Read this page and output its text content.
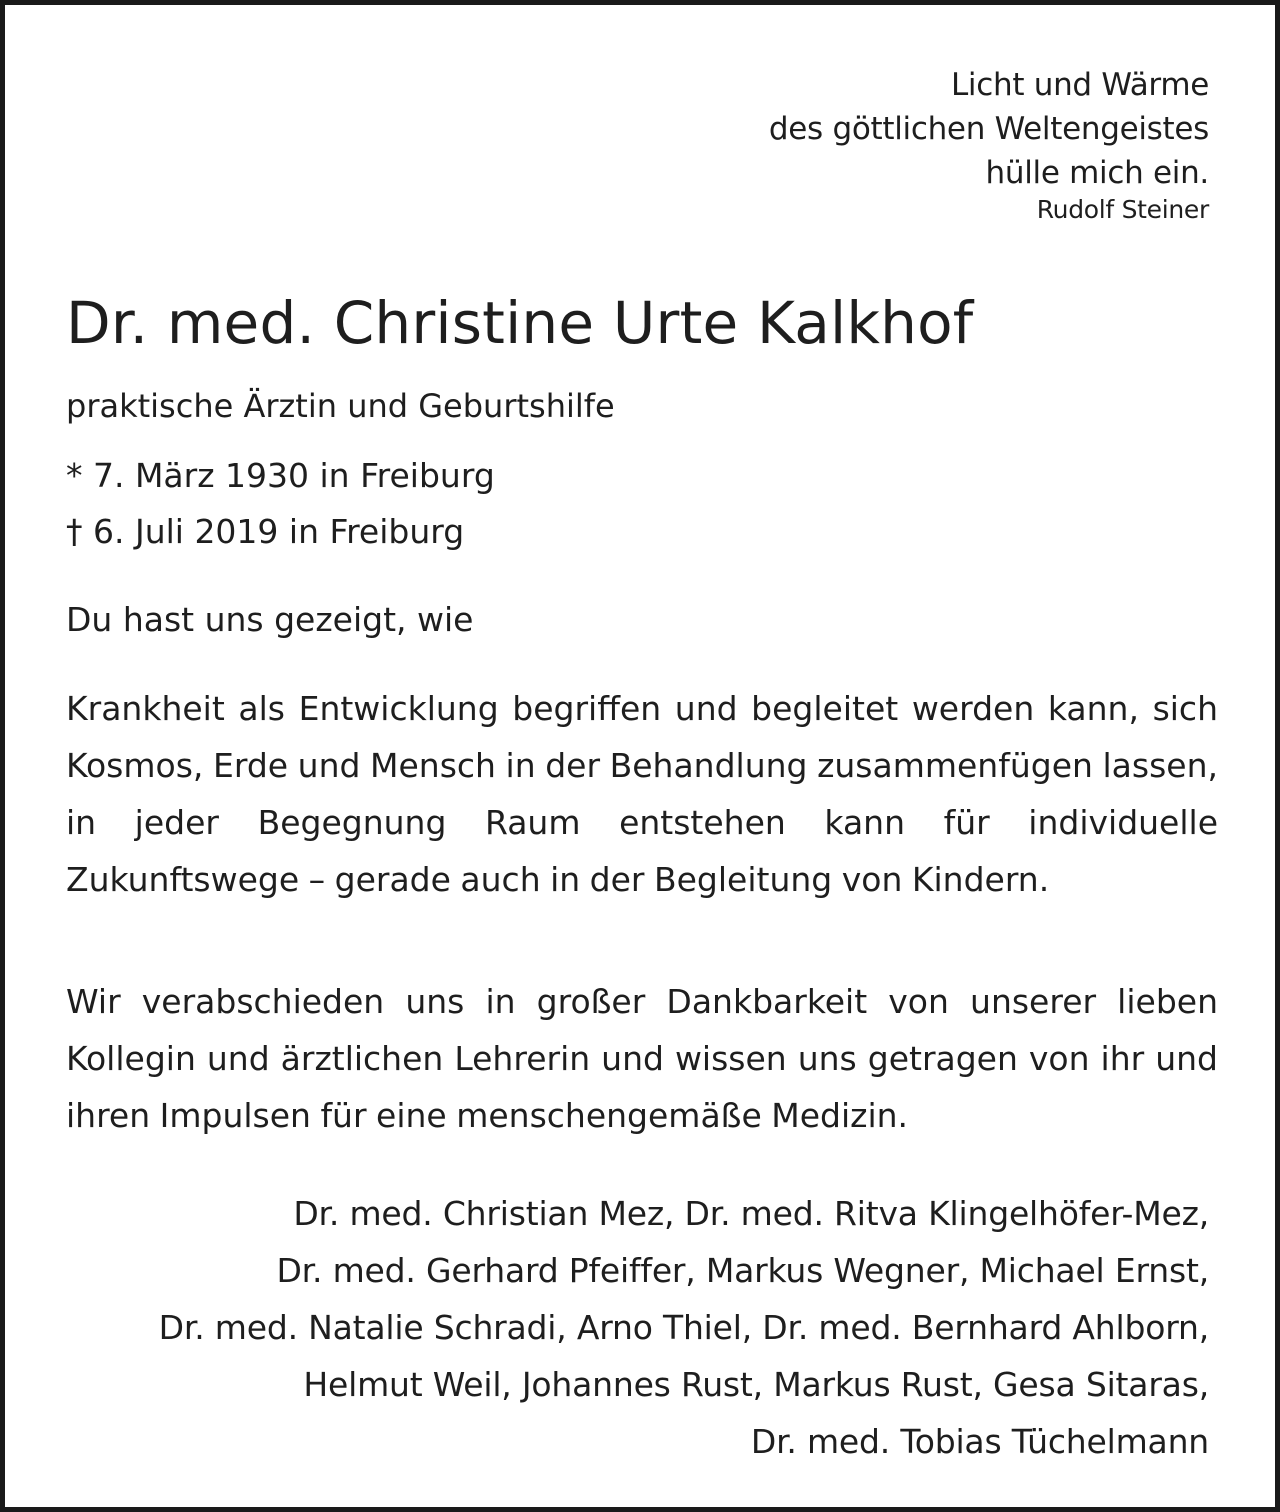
Licht und Wärme
des göttlichen Weltengeistes
hülle mich ein.
Rudolf Steiner
Dr. med. Christine Urte Kalkhof
praktische Ärztin und Geburtshilfe
* 7. März 1930 in Freiburg
† 6. Juli 2019 in Freiburg
Du hast uns gezeigt, wie

Krankheit als Entwicklung begriffen und begleitet werden kann, sich Kosmos, Erde und Mensch in der Behandlung zusammenfügen lassen, in jeder Begegnung Raum entstehen kann für individuelle Zukunftswege – gerade auch in der Begleitung von Kindern.

Wir verabschieden uns in großer Dankbarkeit von unserer lieben Kollegin und ärztlichen Lehrerin und wissen uns getragen von ihr und ihren Impulsen für eine menschengemäße Medizin.

Dr. med. Christian Mez, Dr. med. Ritva Klingelhöfer-Mez,
Dr. med. Gerhard Pfeiffer, Markus Wegner, Michael Ernst,
Dr. med. Natalie Schradi, Arno Thiel, Dr. med. Bernhard Ahlborn,
Helmut Weil, Johannes Rust, Markus Rust, Gesa Sitaras,
Dr. med. Tobias Tüchelmann
